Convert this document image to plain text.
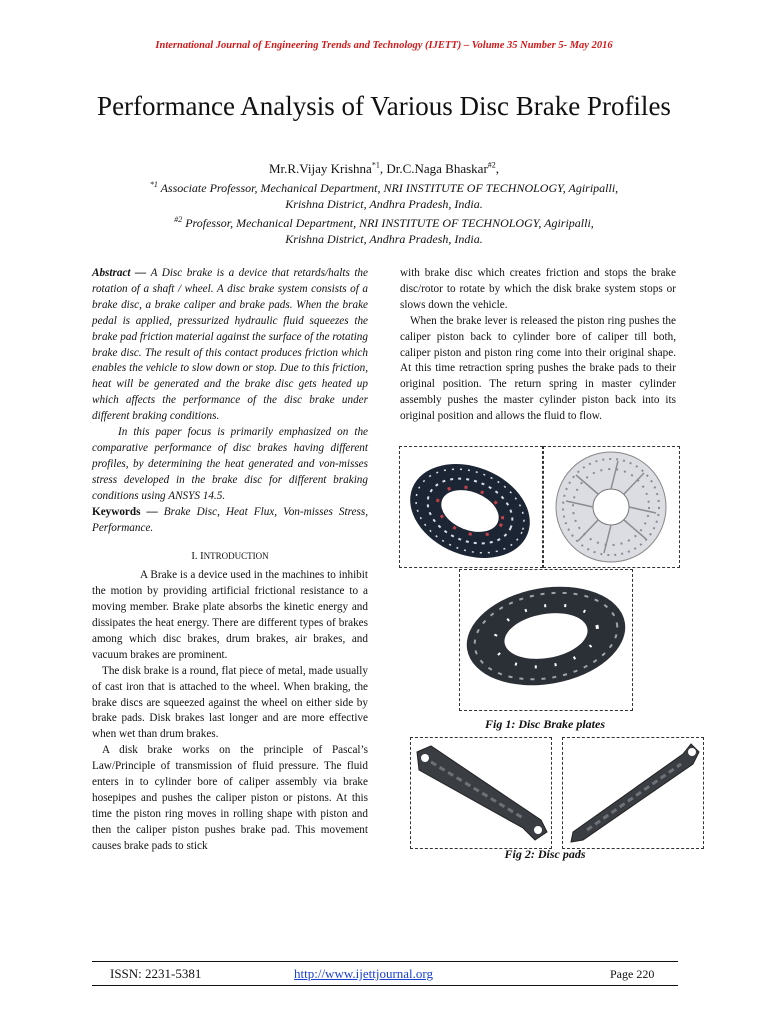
International Journal of Engineering Trends and Technology (IJETT) – Volume 35 Number 5- May 2016
Performance Analysis of Various Disc Brake Profiles
Mr.R.Vijay Krishna$^{*1}$, Dr.C.Naga Bhaskar$^{\#2}$,
$^{*1}$ Associate Professor, Mechanical Department, NRI INSTITUTE OF TECHNOLOGY, Agiripalli,
Krishna District, Andhra Pradesh, India.
$^{\#2}$ Professor, Mechanical Department, NRI INSTITUTE OF TECHNOLOGY, Agiripalli,
Krishna District, Andhra Pradesh, India.

Abstract — A Disc brake is a device that retards/halts the rotation of a shaft / wheel. A disc brake system consists of a brake disc, a brake caliper and brake pads. When the brake pedal is applied, pressurized hydraulic fluid squeezes the brake pad friction material against the surface of the rotating brake disc. The result of this contact produces friction which enables the vehicle to slow down or stop. Due to this friction, heat will be generated and the brake disc gets heated up which affects the performance of the disc brake under different braking conditions.

In this paper focus is primarily emphasized on the comparative performance of disc brakes having different profiles, by determining the heat generated and von-misses stress developed in the brake disc for different braking conditions using ANSYS 14.5.

Keywords — Brake Disc, Heat Flux, Von-misses Stress, Performance.

I. INTRODUCTION

A Brake is a device used in the machines to inhibit the motion by providing artificial frictional resistance to a moving member. Brake plate absorbs the kinetic energy and dissipates the heat energy. There are different types of brakes among which disc brakes, drum brakes, air brakes, and vacuum brakes are prominent.

The disk brake is a round, flat piece of metal, made usually of cast iron that is attached to the wheel. When braking, the brake discs are squeezed against the wheel on either side by brake pads. Disk brakes last longer and are more effective when wet than drum brakes.

A disk brake works on the principle of Pascal’s Law/Principle of transmission of fluid pressure. The fluid enters in to cylinder bore of caliper assembly via brake hosepipes and pushes the caliper piston or pistons. At this time the piston ring moves in rolling shape with piston and then the caliper piston pushes brake pad. This movement causes brake pads to stick

with brake disc which creates friction and stops the brake disc/rotor to rotate by which the disk brake system stops or slows down the vehicle.

When the brake lever is released the piston ring pushes the caliper piston back to cylinder bore of caliper till both, caliper piston and piston ring come into their original shape. At this time retraction spring pushes the brake pads to their original position. The return spring in master cylinder assembly pushes the master cylinder piston back into its original position and allows the fluid to flow.

Fig 1: Disc Brake plates
Fig 2: Disc pads
ISSN: 2231-5381	http://www.ijettjournal.org	Page 220
